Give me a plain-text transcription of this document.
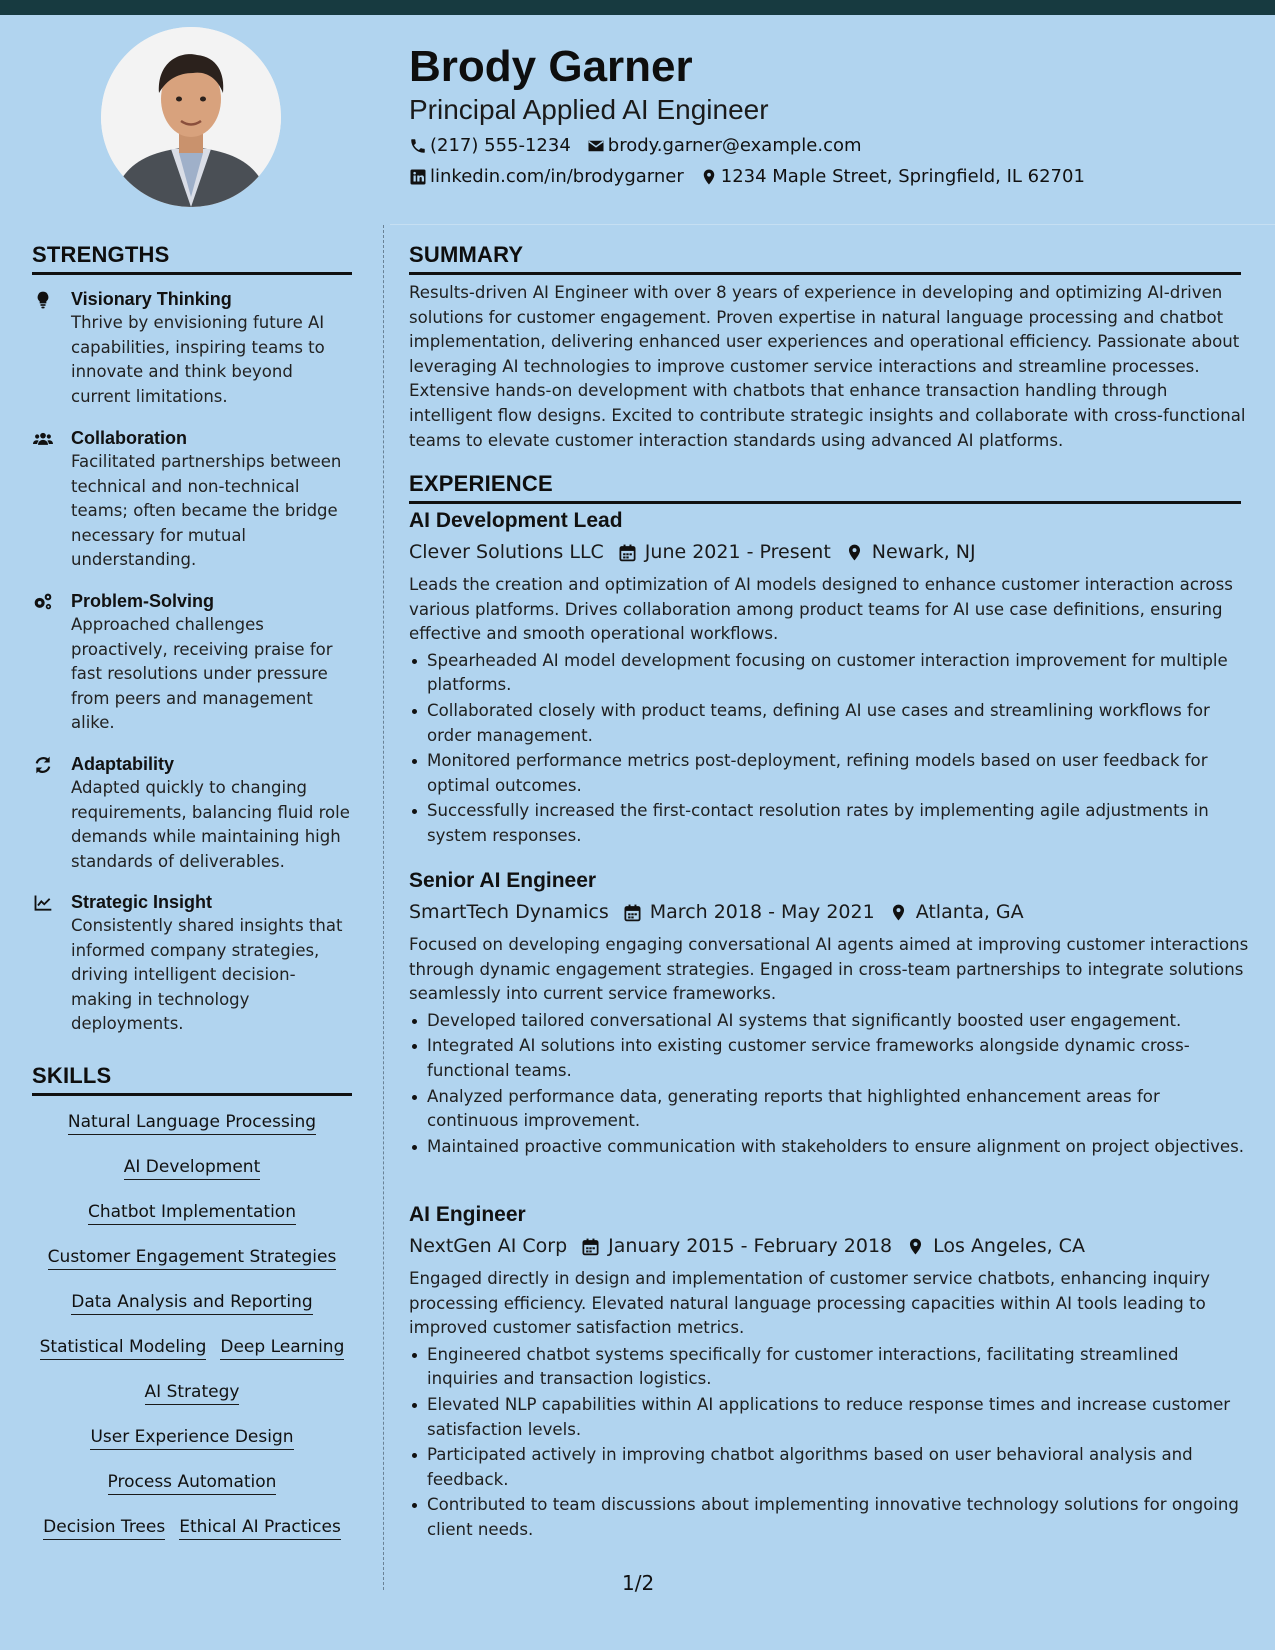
Brody Garner
Principal Applied AI Engineer
(217) 555-1234 brody.garner@example.com
linkedin.com/in/brodygarner 1234 Maple Street, Springfield, IL 62701
STRENGTHS
Visionary Thinking
Thrive by envisioning future AI capabilities, inspiring teams to innovate and think beyond current limitations.
Collaboration
Facilitated partnerships between technical and non-technical teams; often became the bridge necessary for mutual understanding.
Problem-Solving
Approached challenges proactively, receiving praise for fast resolutions under pressure from peers and management alike.
Adaptability
Adapted quickly to changing requirements, balancing fluid role demands while maintaining high standards of deliverables.
Strategic Insight
Consistently shared insights that informed company strategies, driving intelligent decision-making in technology deployments.
SKILLS
Natural Language Processing
AI Development
Chatbot Implementation
Customer Engagement Strategies
Data Analysis and Reporting
Statistical Modeling Deep Learning
AI Strategy
User Experience Design
Process Automation
Decision Trees Ethical AI Practices
SUMMARY

Results-driven AI Engineer with over 8 years of experience in developing and optimizing AI-driven solutions for customer engagement. Proven expertise in natural language processing and chatbot implementation, delivering enhanced user experiences and operational efficiency. Passionate about leveraging AI technologies to improve customer service interactions and streamline processes. Extensive hands-on development with chatbots that enhance transaction handling through intelligent flow designs. Excited to contribute strategic insights and collaborate with cross-functional teams to elevate customer interaction standards using advanced AI platforms.

EXPERIENCE
AI Development Lead
Clever Solutions LLC June 2021 - Present Newark, NJ
Leads the creation and optimization of AI models designed to enhance customer interaction across various platforms. Drives collaboration among product teams for AI use case definitions, ensuring effective and smooth operational workflows.
Spearheaded AI model development focusing on customer interaction improvement for multiple platforms.
Collaborated closely with product teams, defining AI use cases and streamlining workflows for order management.
Monitored performance metrics post-deployment, refining models based on user feedback for optimal outcomes.
Successfully increased the first-contact resolution rates by implementing agile adjustments in system responses.
Senior AI Engineer
SmartTech Dynamics March 2018 - May 2021 Atlanta, GA
Focused on developing engaging conversational AI agents aimed at improving customer interactions through dynamic engagement strategies. Engaged in cross-team partnerships to integrate solutions seamlessly into current service frameworks.
Developed tailored conversational AI systems that significantly boosted user engagement.
Integrated AI solutions into existing customer service frameworks alongside dynamic cross-functional teams.
Analyzed performance data, generating reports that highlighted enhancement areas for continuous improvement.
Maintained proactive communication with stakeholders to ensure alignment on project objectives.
AI Engineer
NextGen AI Corp January 2015 - February 2018 Los Angeles, CA
Engaged directly in design and implementation of customer service chatbots, enhancing inquiry processing efficiency. Elevated natural language processing capacities within AI tools leading to improved customer satisfaction metrics.
Engineered chatbot systems specifically for customer interactions, facilitating streamlined inquiries and transaction logistics.
Elevated NLP capabilities within AI applications to reduce response times and increase customer satisfaction levels.
Participated actively in improving chatbot algorithms based on user behavioral analysis and feedback.
Contributed to team discussions about implementing innovative technology solutions for ongoing client needs.
1/2
